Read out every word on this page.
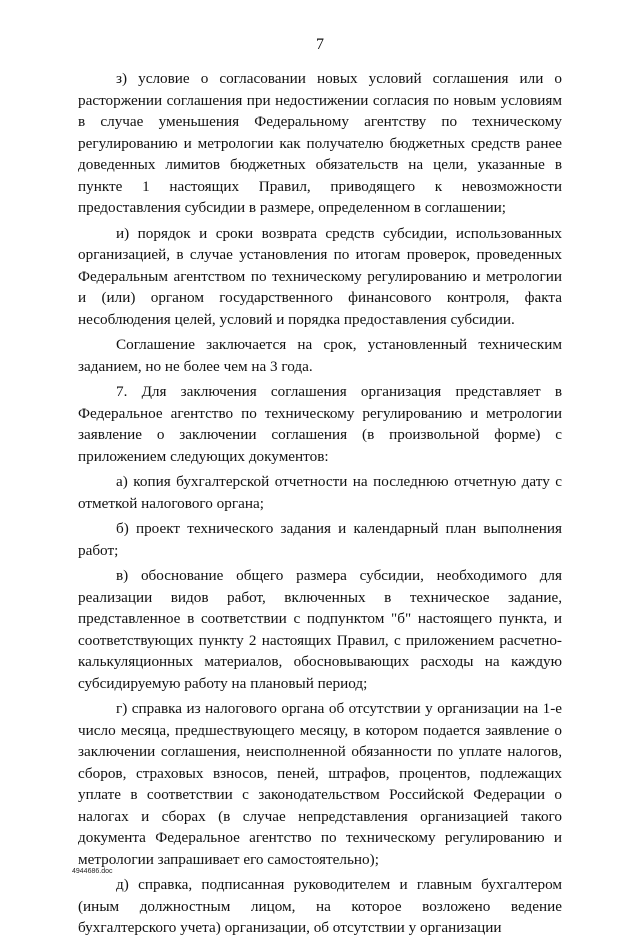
7

з) условие о согласовании новых условий соглашения или о расторжении соглашения при недостижении согласия по новым условиям в случае уменьшения Федеральному агентству по техническому регулированию и метрологии как получателю бюджетных средств ранее доведенных лимитов бюджетных обязательств на цели, указанные в пункте 1 настоящих Правил, приводящего к невозможности предоставления субсидии в размере, определенном в соглашении;

и) порядок и сроки возврата средств субсидии, использованных организацией, в случае установления по итогам проверок, проведенных Федеральным агентством по техническому регулированию и метрологии и (или) органом государственного финансового контроля, факта несоблюдения целей, условий и порядка предоставления субсидии.

Соглашение заключается на срок, установленный техническим заданием, но не более чем на 3 года.

7. Для заключения соглашения организация представляет в Федеральное агентство по техническому регулированию и метрологии заявление о заключении соглашения (в произвольной форме) с приложением следующих документов:

а) копия бухгалтерской отчетности на последнюю отчетную дату с отметкой налогового органа;

б) проект технического задания и календарный план выполнения работ;

в) обоснование общего размера субсидии, необходимого для реализации видов работ, включенных в техническое задание, представленное в соответствии с подпунктом "б" настоящего пункта, и соответствующих пункту 2 настоящих Правил, с приложением расчетно-калькуляционных материалов, обосновывающих расходы на каждую субсидируемую работу на плановый период;

г) справка из налогового органа об отсутствии у организации на 1-е число месяца, предшествующего месяцу, в котором подается заявление о заключении соглашения, неисполненной обязанности по уплате налогов, сборов, страховых взносов, пеней, штрафов, процентов, подлежащих уплате в соответствии с законодательством Российской Федерации о налогах и сборах (в случае непредставления организацией такого документа Федеральное агентство по техническому регулированию и метрологии запрашивает его самостоятельно);

д) справка, подписанная руководителем и главным бухгалтером (иным должностным лицом, на которое возложено ведение бухгалтерского учета) организации, об отсутствии у организации

4944686.doc
